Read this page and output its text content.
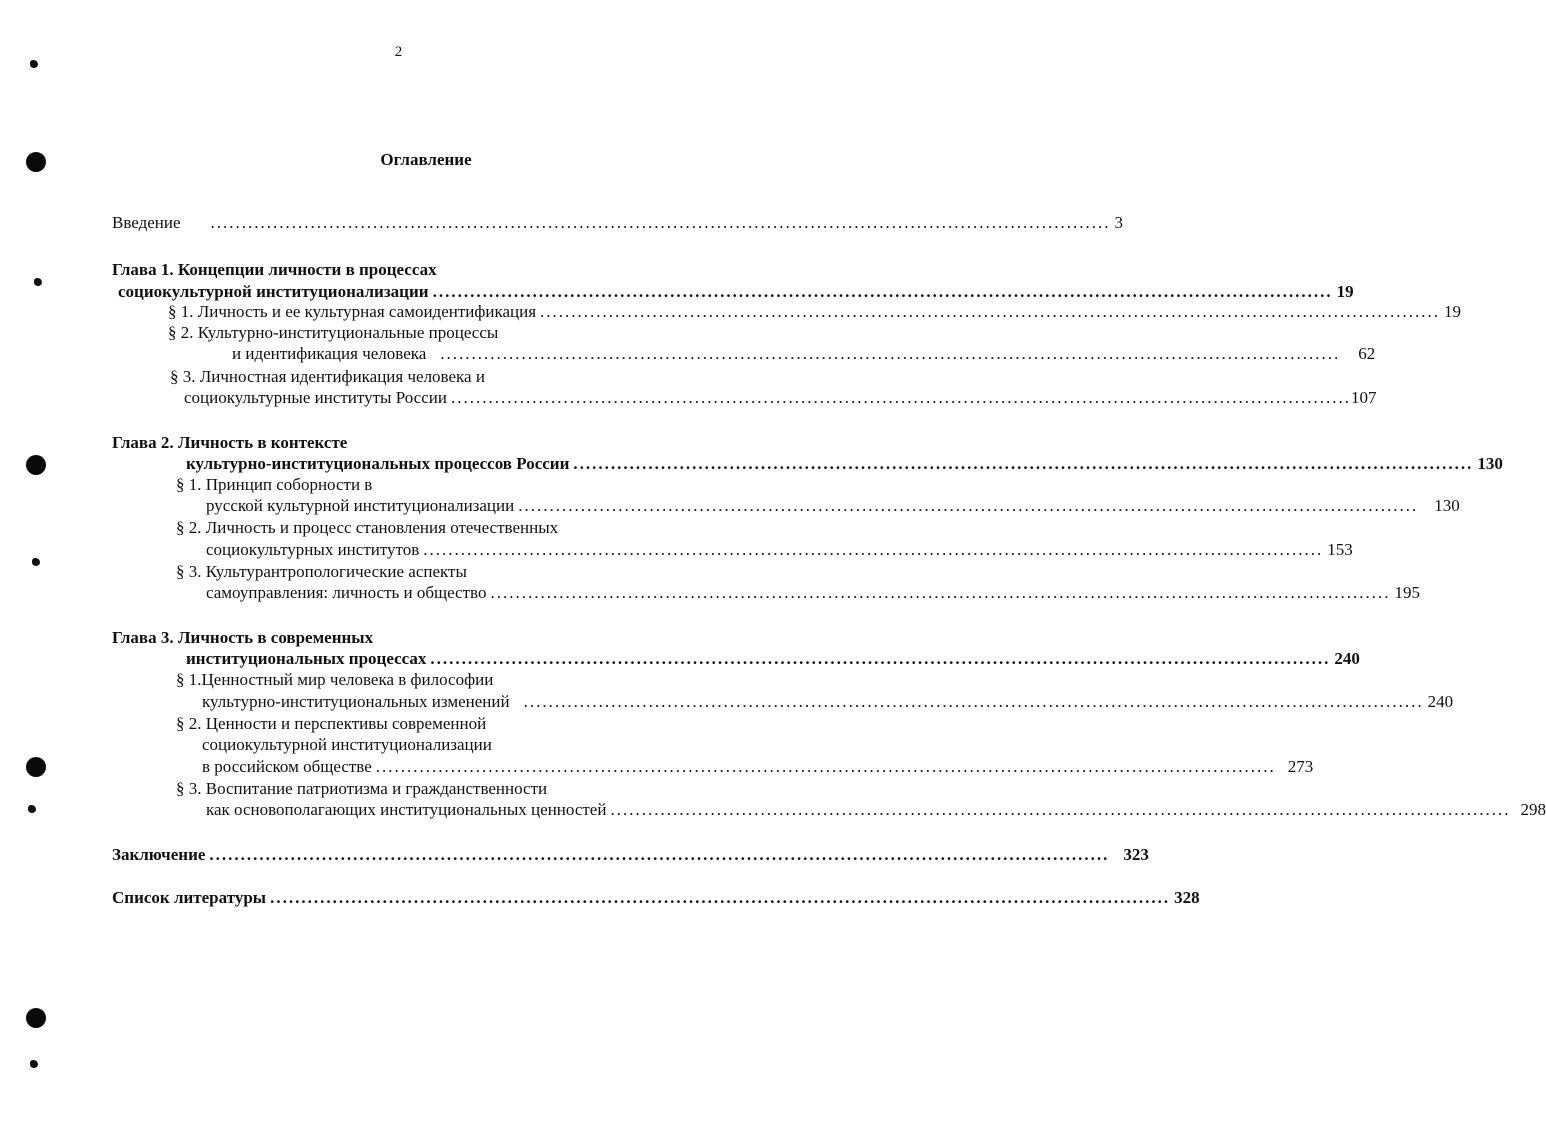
2
Оглавление
Введение ................................................................................................................................................ 3
Глава 1. Концепции личности в процессах
социокультурной институционализации ................................................................................................................................................ 19
§ 1. Личность и ее культурная самоидентификация ................................................................................................................................................ 19
§ 2. Культурно-институциональные процессы
и идентификация человека ................................................................................................................................................ 62
§ 3. Личностная идентификация человека и
социокультурные институты России ................................................................................................................................................ 107
Глава 2. Личность в контексте
культурно-институциональных процессов России ................................................................................................................................................ 130
§ 1. Принцип соборности в
русской культурной институционализации ................................................................................................................................................ 130
§ 2. Личность и процесс становления отечественных
социокультурных институтов ................................................................................................................................................ 153
§ 3. Культурантропологические аспекты
самоуправления: личность и общество ................................................................................................................................................ 195
Глава 3. Личность в современных
институциональных процессах ................................................................................................................................................ 240
§ 1.Ценностный мир человека в философии
культурно-институциональных изменений ................................................................................................................................................ 240
§ 2. Ценности и перспективы современной
социокультурной институционализации
в российском обществе ................................................................................................................................................ 273
§ 3. Воспитание патриотизма и гражданственности
как основополагающих институциональных ценностей ................................................................................................................................................ 298
Заключение ................................................................................................................................................ 323
Список литературы ................................................................................................................................................ 328
